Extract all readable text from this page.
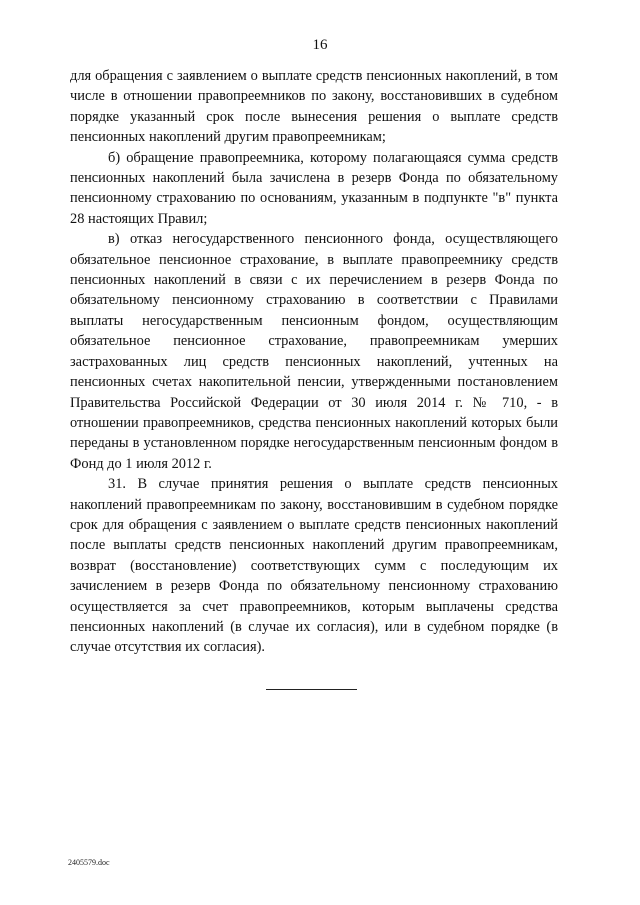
16

для обращения с заявлением о выплате средств пенсионных накоплений, в том числе в отношении правопреемников по закону, восстановивших в судебном порядке указанный срок после вынесения решения о выплате средств пенсионных накоплений другим правопреемникам;

б) обращение правопреемника, которому полагающаяся сумма средств пенсионных накоплений была зачислена в резерв Фонда по обязательному пенсионному страхованию по основаниям, указанным в подпункте "в" пункта 28 настоящих Правил;

в) отказ негосударственного пенсионного фонда, осуществляющего обязательное пенсионное страхование, в выплате правопреемнику средств пенсионных накоплений в связи с их перечислением в резерв Фонда по обязательному пенсионному страхованию в соответствии с Правилами выплаты негосударственным пенсионным фондом, осуществляющим обязательное пенсионное страхование, правопреемникам умерших застрахованных лиц средств пенсионных накоплений, учтенных на пенсионных счетах накопительной пенсии, утвержденными постановлением Правительства Российской Федерации от 30 июля 2014 г. № 710, - в отношении правопреемников, средства пенсионных накоплений которых были переданы в установленном порядке негосударственным пенсионным фондом в Фонд до 1 июля 2012 г.

31. В случае принятия решения о выплате средств пенсионных накоплений правопреемникам по закону, восстановившим в судебном порядке срок для обращения с заявлением о выплате средств пенсионных накоплений после выплаты средств пенсионных накоплений другим правопреемникам, возврат (восстановление) соответствующих сумм с последующим их зачислением в резерв Фонда по обязательному пенсионному страхованию осуществляется за счет правопреемников, которым выплачены средства пенсионных накоплений (в случае их согласия), или в судебном порядке (в случае отсутствия их согласия).

2405579.doc
